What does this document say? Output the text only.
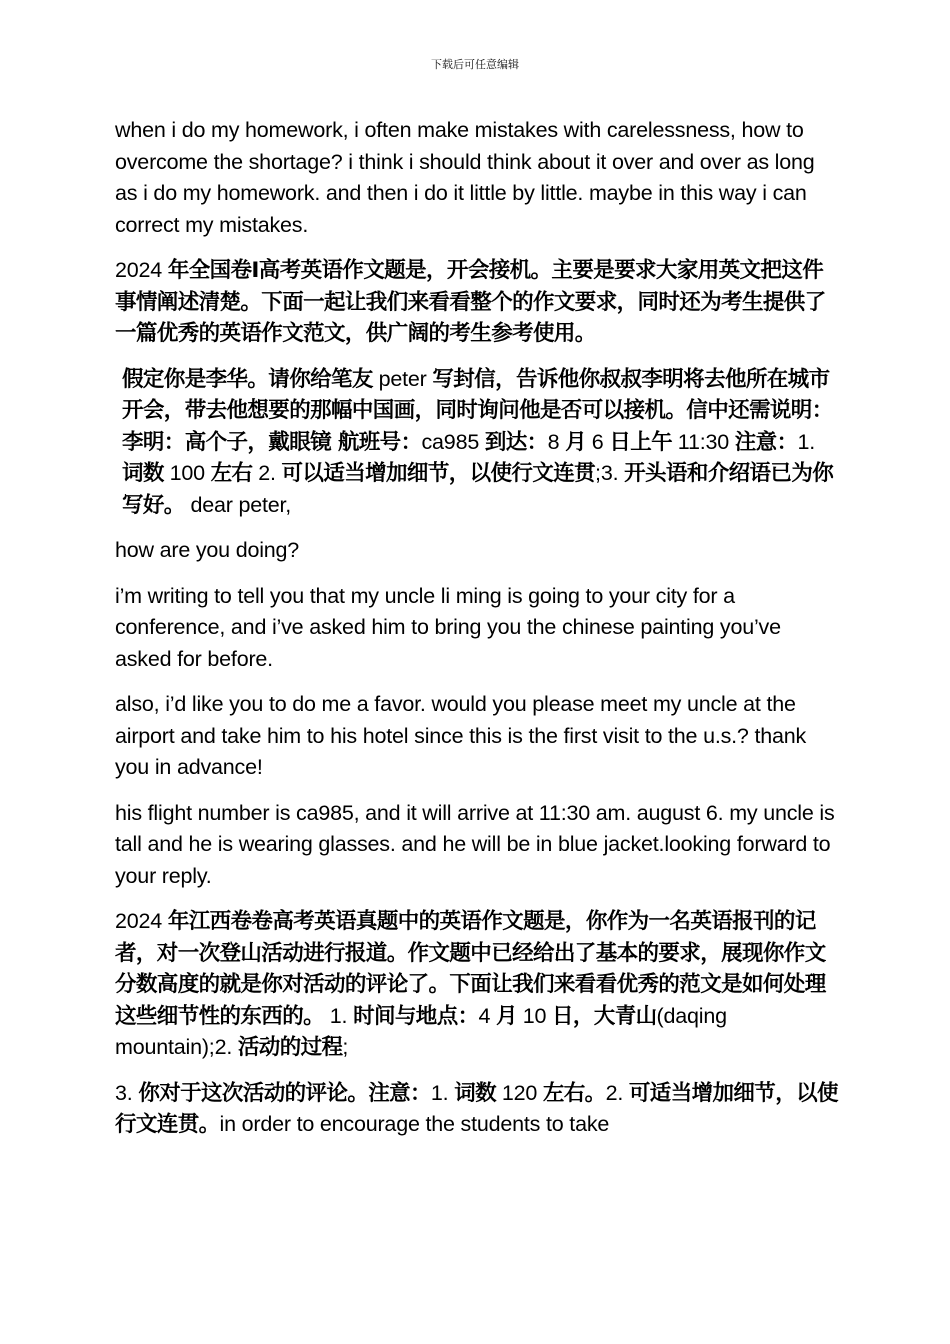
下载后可任意编辑

when i do my homework, i often make mistakes with carelessness, how to overcome the shortage? i think i should think about it over and over as long as i do my homework. and then i do it little by little. maybe in this way i can correct my mistakes.

2024 年全国卷Ⅰ高考英语作文题是，开会接机。主要是要求大家用英文把这件事情阐述清楚。下面一起让我们来看看整个的作文要求，同时还为考生提供了一篇优秀的英语作文范文，供广阔的考生参考使用。

假定你是李华。请你给笔友 peter 写封信，告诉他你叔叔李明将去他所在城市开会，带去他想要的那幅中国画，同时询问他是否可以接机。信中还需说明：李明：高个子，戴眼镜 航班号：ca985 到达：8 月 6 日上午 11:30 注意：1. 词数 100 左右 2. 可以适当增加细节，以使行文连贯;3. 开头语和介绍语已为你写好。 dear peter,

how are you doing?

i’m writing to tell you that my uncle li ming is going to your city for a conference, and i’ve asked him to bring you the chinese painting you’ve asked for before.

also, i’d like you to do me a favor. would you please meet my uncle at the airport and take him to his hotel since this is the first visit to the u.s.? thank you in advance!

his flight number is ca985, and it will arrive at 11:30 am. august 6. my uncle is tall and he is wearing glasses. and he will be in blue jacket.looking forward to your reply.

2024 年江西卷卷高考英语真题中的英语作文题是，你作为一名英语报刊的记者，对一次登山活动进行报道。作文题中已经给出了基本的要求，展现你作文分数高度的就是你对活动的评论了。下面让我们来看看优秀的范文是如何处理这些细节性的东西的。 1. 时间与地点：4 月 10 日，大青山(daqing mountain);2. 活动的过程;

3. 你对于这次活动的评论。注意：1. 词数 120 左右。2. 可适当增加细节，以使行文连贯。in order to encourage the students to take
